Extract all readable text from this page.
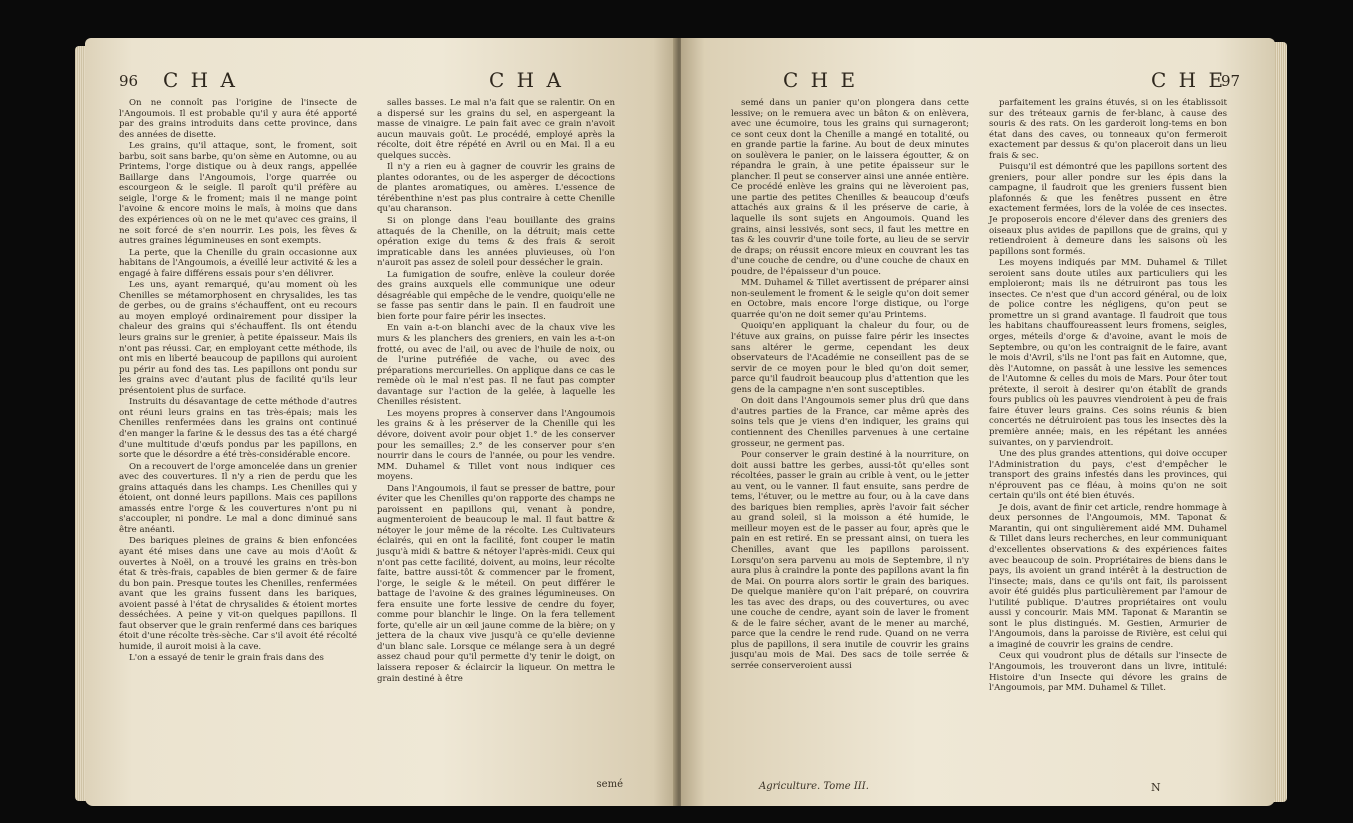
96 C H A	C H A

On ne connoît pas l'origine de l'insecte de l'Angoumois. Il est probable qu'il y aura été apporté par des grains introduits dans cette province, dans des années de disette.

Les grains, qu'il attaque, sont, le froment, soit barbu, soit sans barbe, qu'on sème en Automne, ou au Printems, l'orge distique ou à deux rangs, appellée Baillarge dans l'Angoumois, l'orge quarrée ou escourgeon & le seigle. Il paroît qu'il préfère au seigle, l'orge & le froment; mais il ne mange point l'avoine & encore moins le maïs, à moins que dans des expériences où on ne le met qu'avec ces grains, il ne soit forcé de s'en nourrir. Les pois, les fèves & autres graines légumineuses en sont exempts.

La perte, que la Chenille du grain occasionne aux habitans de l'Angoumois, a éveillé leur activité & les a engagé à faire différens essais pour s'en délivrer.

Les uns, ayant remarqué, qu'au moment où les Chenilles se métamorphosent en chrysalides, les tas de gerbes, ou de grains s'échauffent, ont eu recours au moyen employé ordinairement pour dissiper la chaleur des grains qui s'échauffent. Ils ont étendu leurs grains sur le grenier, à petite épaisseur. Mais ils n'ont pas réussi. Car, en employant cette méthode, ils ont mis en liberté beaucoup de papillons qui auroient pu périr au fond des tas. Les papillons ont pondu sur les grains avec d'autant plus de facilité qu'ils leur présentoient plus de surface.

Instruits du désavantage de cette méthode d'autres ont réuni leurs grains en tas très-épais; mais les Chenilles renfermées dans les grains ont continué d'en manger la farine & le dessus des tas a été chargé d'une multitude d'œufs pondus par les papillons, en sorte que le désordre a été très-considérable encore.

On a recouvert de l'orge amoncelée dans un grenier avec des couvertures. Il n'y a rien de perdu que les grains attaqués dans les champs. Les Chenilles qui y étoient, ont donné leurs papillons. Mais ces papillons amassés entre l'orge & les couvertures n'ont pu ni s'accoupler, ni pondre. Le mal a donc diminué sans être anéanti.

Des bariques pleines de grains & bien enfoncées ayant été mises dans une cave au mois d'Août & ouvertes à Noël, on a trouvé les grains en très-bon état & très-frais, capables de bien germer & de faire du bon pain. Presque toutes les Chenilles, renfermées avant que les grains fussent dans les bariques, avoient passé à l'état de chrysalides & étoient mortes desséchées. A peine y vit-on quelques papillons. Il faut observer que le grain renfermé dans ces bariques étoit d'une récolte très-sèche. Car s'il avoit été récolté humide, il auroit moisi à la cave.

L'on a essayé de tenir le grain frais dans des

salles basses. Le mal n'a fait que se ralentir. On en a dispersé sur les grains du sel, en aspergeant la masse de vinaigre. Le pain fait avec ce grain n'avoit aucun mauvais goût. Le procédé, employé après la récolte, doit être répété en Avril ou en Mai. Il a eu quelques succès.

Il n'y a rien eu à gagner de couvrir les grains de plantes odorantes, ou de les asperger de décoctions de plantes aromatiques, ou amères. L'essence de térébenthine n'est pas plus contraire à cette Chenille qu'au charanson.

Si on plonge dans l'eau bouillante des grains attaqués de la Chenille, on la détruit; mais cette opération exige du tems & des frais & seroit impraticable dans les années pluvieuses, où l'on n'auroit pas assez de soleil pour dessécher le grain.

La fumigation de soufre, enlève la couleur dorée des grains auxquels elle communique une odeur désagréable qui empêche de le vendre, quoiqu'elle ne se fasse pas sentir dans le pain. Il en faudroit une bien forte pour faire périr les insectes.

En vain a-t-on blanchi avec de la chaux vive les murs & les planchers des greniers, en vain les a-t-on frotté, ou avec de l'ail, ou avec de l'huile de noix, ou de l'urine putréfiée de vache, ou avec des préparations mercurielles. On applique dans ce cas le remède où le mal n'est pas. Il ne faut pas compter davantage sur l'action de la gelée, à laquelle les Chenilles résistent.

Les moyens propres à conserver dans l'Angoumois les grains & à les préserver de la Chenille qui les dévore, doivent avoir pour objet 1.° de les conserver pour les semailles; 2.° de les conserver pour s'en nourrir dans le cours de l'année, ou pour les vendre. MM. Duhamel & Tillet vont nous indiquer ces moyens.

Dans l'Angoumois, il faut se presser de battre, pour éviter que les Chenilles qu'on rapporte des champs ne paroissent en papillons qui, venant à pondre, augmenteroient de beaucoup le mal. Il faut battre & nétoyer le jour même de la récolte. Les Cultivateurs éclairés, qui en ont la facilité, font couper le matin jusqu'à midi & battre & nétoyer l'après-midi. Ceux qui n'ont pas cette facilité, doivent, au moins, leur récolte faite, battre aussi-tôt & commencer par le froment, l'orge, le seigle & le méteil. On peut différer le battage de l'avoine & des graines légumineuses. On fera ensuite une forte lessive de cendre du foyer, comme pour blanchir le linge. On la fera tellement forte, qu'elle air un œil jaune comme de la bière; on y jettera de la chaux vive jusqu'à ce qu'elle devienne d'un blanc sale. Lorsque ce mélange sera à un degré assez chaud pour qu'il permette d'y tenir le doigt, on laissera reposer & éclaircir la liqueur. On mettra le grain destiné à être

semé
C H E	C H E
97

semé dans un panier qu'on plongera dans cette lessive; on le remuera avec un bâton & on enlèvera, avec une écumoire, tous les grains qui surnageront; ce sont ceux dont la Chenille a mangé en totalité, ou en grande partie la farine. Au bout de deux minutes on soulèvera le panier, on le laissera égoutter, & on répandra le grain, à une petite épaisseur sur le plancher. Il peut se conserver ainsi une année entière. Ce procédé enlève les grains qui ne lèveroient pas, une partie des petites Chenilles & beaucoup d'œufs attachés aux grains & il les préserve de carie, à laquelle ils sont sujets en Angoumois. Quand les grains, ainsi lessivés, sont secs, il faut les mettre en tas & les couvrir d'une toile forte, au lieu de se servir de draps; on réussit encore mieux en couvrant les tas d'une couche de cendre, ou d'une couche de chaux en poudre, de l'épaisseur d'un pouce.

MM. Duhamel & Tillet avertissent de préparer ainsi non-seulement le froment & le seigle qu'on doit semer en Octobre, mais encore l'orge distique, ou l'orge quarrée qu'on ne doit semer qu'au Printems.

Quoiqu'en appliquant la chaleur du four, ou de l'étuve aux grains, on puisse faire périr les insectes sans altérer le germe, cependant les deux observateurs de l'Académie ne conseillent pas de se servir de ce moyen pour le bled qu'on doit semer, parce qu'il faudroit beaucoup plus d'attention que les gens de la campagne n'en sont susceptibles.

On doit dans l'Angoumois semer plus drû que dans d'autres parties de la France, car même après des soins tels que je viens d'en indiquer, les grains qui contiennent des Chenilles parvenues à une certaine grosseur, ne germent pas.

Pour conserver le grain destiné à la nourriture, on doit aussi battre les gerbes, aussi-tôt qu'elles sont récoltées, passer le grain au crible à vent, ou le jetter au vent, ou le vanner. Il faut ensuite, sans perdre de tems, l'étuver, ou le mettre au four, ou à la cave dans des bariques bien remplies, après l'avoir fait sécher au grand soleil, si la moisson a été humide, le meilleur moyen est de le passer au four, après que le pain en est retiré. En se pressant ainsi, on tuera les Chenilles, avant que les papillons paroissent. Lorsqu'on sera parvenu au mois de Septembre, il n'y aura plus à craindre la ponte des papillons avant la fin de Mai. On pourra alors sortir le grain des bariques. De quelque manière qu'on l'ait préparé, on couvrira les tas avec des draps, ou des couvertures, ou avec une couche de cendre, ayant soin de laver le froment & de le faire sécher, avant de le mener au marché, parce que la cendre le rend rude. Quand on ne verra plus de papillons, il sera inutile de couvrir les grains jusqu'au mois de Mai. Des sacs de toile serrée & serrée conserveroient aussi

parfaitement les grains étuvés, si on les établissoit sur des tréteaux garnis de fer-blanc, à cause des souris & des rats. On les garderoit long-tems en bon état dans des caves, ou tonneaux qu'on fermeroit exactement par dessus & qu'on placeroit dans un lieu frais & sec.

Puisqu'il est démontré que les papillons sortent des greniers, pour aller pondre sur les épis dans la campagne, il faudroit que les greniers fussent bien plafonnés & que les fenêtres pussent en être exactement fermées, lors de la volée de ces insectes. Je proposerois encore d'élever dans des greniers des oiseaux plus avides de papillons que de grains, qui y retiendroient à demeure dans les saisons où les papillons sont formés.

Les moyens indiqués par MM. Duhamel & Tillet seroient sans doute utiles aux particuliers qui les emploieront; mais ils ne détruiront pas tous les insectes. Ce n'est que d'un accord général, ou de loix de police contre les négligens, qu'on peut se promettre un si grand avantage. Il faudroit que tous les habitans chauffoureassent leurs fromens, seigles, orges, méteils d'orge & d'avoine, avant le mois de Septembre, ou qu'on les contraignit de le faire, avant le mois d'Avril, s'ils ne l'ont pas fait en Automne, que, dès l'Automne, on passât à une lessive les semences de l'Automne & celles du mois de Mars. Pour ôter tout prétexte, il seroit à desirer qu'on établît de grands fours publics où les pauvres viendroient à peu de frais faire étuver leurs grains. Ces soins réunis & bien concertés ne détruiroient pas tous les insectes dès la première année; mais, en les répétant les années suivantes, on y parviendroit.

Une des plus grandes attentions, qui doive occuper l'Administration du pays, c'est d'empêcher le transport des grains infestés dans les provinces, qui n'éprouvent pas ce fléau, à moins qu'on ne soit certain qu'ils ont été bien étuvés.

Je dois, avant de finir cet article, rendre hommage à deux personnes de l'Angoumois, MM. Taponat & Marantin, qui ont singulièrement aidé MM. Duhamel & Tillet dans leurs recherches, en leur communiquant d'excellentes observations & des expériences faites avec beaucoup de soin. Propriétaires de biens dans le pays, ils avoient un grand intérêt à la destruction de l'insecte; mais, dans ce qu'ils ont fait, ils paroissent avoir été guidés plus particulièrement par l'amour de l'utilité publique. D'autres propriétaires ont voulu aussi y concourir. Mais MM. Taponat & Marantin se sont le plus distingués. M. Gestien, Armurier de l'Angoumois, dans la paroisse de Rivière, est celui qui a imaginé de couvrir les grains de cendre.

Ceux qui voudront plus de détails sur l'insecte de l'Angoumois, les trouveront dans un livre, intitulé: Histoire d'un Insecte qui dévore les grains de l'Angoumois, par MM. Duhamel & Tillet.

Agriculture. Tome III.	N
